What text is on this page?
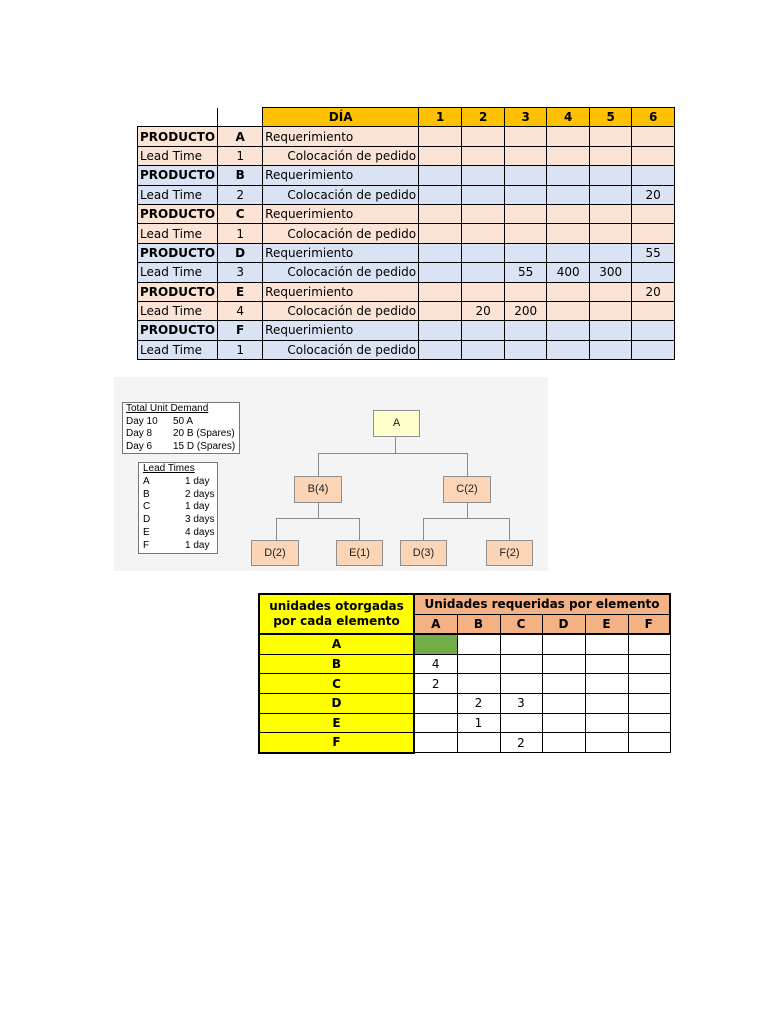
		DÍA	1	2	3	4	5	6
PRODUCTO	A	Requerimiento						
Lead Time	1	Colocación de pedido						
PRODUCTO	B	Requerimiento						
Lead Time	2	Colocación de pedido						20
PRODUCTO	C	Requerimiento						
Lead Time	1	Colocación de pedido						
PRODUCTO	D	Requerimiento						55
Lead Time	3	Colocación de pedido			55	400	300	
PRODUCTO	E	Requerimiento						20
Lead Time	4	Colocación de pedido		20	200			
PRODUCTO	F	Requerimiento						
Lead Time	1	Colocación de pedido						
Total Unit Demand
Day 10 50 A
Day 8 20 B (Spares)
Day 6 15 D (Spares)
Lead Times
A	1 day
B	2 days
C	1 day
D	3 days
E	4 days
F	1 day
A
B(4)	C(2)
D(2)	E(1)	D(3)	F(2)
unidades otorgadas por cada elemento	Unidades requeridas por elemento					
	A	B	C	D	E	F
A						
B	4					
C	2					
D		2	3			
E		1				
F			2			
